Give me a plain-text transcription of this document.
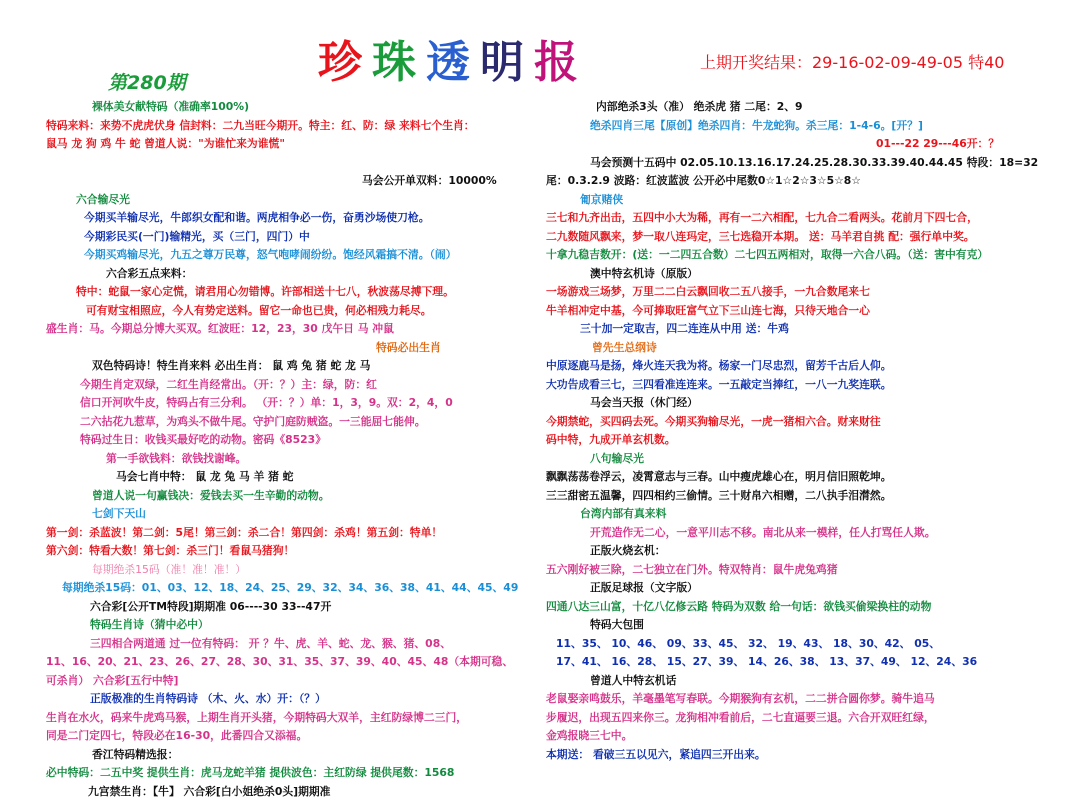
珍 珠 透 明 报	上期开奖结果：29-16-02-09-49-05 特40
第280期
裸体美女献特码（准确率100%)
特码来料：来势不虎虎伏身 信封料：二九当旺今期开。特主：红、防：绿 来料七个生肖：
鼠马 龙 狗 鸡 牛 蛇 曾道人说："为谁忙来为谁慌"
马会公开单双料：10000%
六合输尽光
今期买羊输尽光，牛郎织女配和谐。两虎相争必一伤，奋勇沙场使刀枪。
今期彩民买(一门)输精光，买（三门，四门）中
今期买鸡输尽光，九五之尊万民尊，怒气咆哮闹纷纷。饱经风霜搞不清。（闹）
六合彩五点来料：
特中：蛇鼠一家心定慌，请君用心勿错博。许部相送十七八，秋波荡尽搏下理。
可有财宝相照应，今人有势定送料。留它一命也已贵，何必相残力耗尽。
盛生肖：马。今期总分博大买双。红波旺：12，23，30 戊午日 马 冲鼠
特码必出生肖
双色特码诗！特生肖来料 必出生肖： 鼠 鸡 兔 猪 蛇 龙 马
今期生肖定双绿，二红生肖经常出。（开：？）主：绿，防：红
信口开河吹牛皮，特码占有三分利。 （开：？）单：1，3，9。双：2，4，0
二六拈花九惹草，为鸡头不做牛尾。守护门庭防贼盗。一三能屈七能伸。
特码过生日：收钱买最好吃的动物。密码《8523》
第一手欲钱料：欲钱找谢峰。
马会七肖中特： 鼠 龙 兔 马 羊 猪 蛇
曾道人说一句赢钱决：爱钱去买一生辛勤的动物。
七剑下天山
第一剑：杀蓝波！第二剑：5尾！第三剑：杀二合！第四剑：杀鸡！第五剑：特单！
第六剑：特看大数！第七剑：杀三门！看鼠马猪狗！
每期绝杀15码（准！准！准！）
每期绝杀15码：01、03、12、18、24、25、29、32、34、36、38、41、44、45、49
六合彩[公开TM特段]期期准 06----30 33--47开
特码生肖诗（猜中必中）
三四相合两道通 过一位有特码： 开 ？牛、虎、羊、蛇、龙、猴、猪、08、
11、16、20、21、23、26、27、28、30、31、35、37、39、40、45、48（本期可稳、
可杀肖） 六合彩[五行中特]
正版极准的生肖特码诗 （木、火、水）开：（？）
生肖在水火，码来牛虎鸡马猴，上期生肖开头猪，今期特码大双羊，主红防绿博二三门，
同是二门定四七，特段必在16-30，此番四合又添福。
香江特码精选报：
必中特码：二五中奖 提供生肖：虎马龙蛇羊猪 提供波色：主红防绿 提供尾数：1568
九宫禁生肖：【牛】 六合彩[白小姐绝杀0头]期期准
内部绝杀3头（准） 绝杀虎 猪 二尾：2、9
绝杀四肖三尾【原创】绝杀四肖：牛龙蛇狗。杀三尾：1-4-6。[开？]
01---22 29---46开：？
马会预测十五码中 02.05.10.13.16.17.24.25.28.30.33.39.40.44.45 特段：18=32
尾：0.3.2.9 波路：红波蓝波 公开必中尾数0☆1☆2☆3☆5☆8☆
匍京赌侠
三七和九齐出击，五四中小大为稀，再有一二六相配，七九合二看两头。花前月下四七合，
二九数随风飘来，梦一取八连玛定，三七选稳开本期。 送：马羊君自挑 配：强行单中奖。
十拿九稳吉数开：(送：一二四五合数）二七四五两相对，取得一六合八码。（送：害中有克）
澳中特玄机诗（原版）
一场游戏三场梦，万里二二白云飘回收二五八接手，一九合数尾来七
牛羊相冲定中基，今可捧取旺富气立下三山连七海，只待天地合一心
三十加一定取吉，四二连连从中用 送：牛鸡
曾先生总纲诗
中原逐鹿马是扬，烽火连天我为将。杨家一门尽忠烈，留芳千古后人仰。
大功告成看三七，三四看准连连来。一五敲定当捧红，一八一九奖连联。
马会当天报（休门经）
今期禁蛇，买四码去死。今期买狗输尽光，一虎一猪相六合。财来财往
码中特，九成开单玄机数。
八句输尽光
飘飘荡荡卷浮云，凌霄意志与三春。山中瘦虎雄心在，明月信旧照乾坤。
三三甜密五温馨，四四相约三偷情。三十财帛六相赠，二八执手泪潸然。
台湾内部有真来料
开荒造作无二心，一意平川志不移。南北从来一模样，任人打骂任人欺。
正版火烧玄机：
五六刚好被三除，二七独立在门外。特双特肖：鼠牛虎兔鸡猪
正版足球报（文字版）
四通八达三山富，十亿八亿修云路 特码为双数 给一句话：欲钱买偷梁换柱的动物
特码大包围
11、35、 10、46、 09、33、45、 32、 19、43、 18、30、42、 05、
17、41、 16、28、 15、27、39、 14、26、38、 13、37、49、 12、24、36
曾道人中特玄机话
老鼠娶亲鸣鼓乐，羊毫墨笔写春联。今期猴狗有玄机，二二拼合圆你梦。骑牛追马
步履迟，出现五四来你三。龙狗相冲看前后，二七直逼要三退。六合开双旺红绿，
金鸡报晓三七中。
本期送： 看破三五以见六，紧追四三开出来。
